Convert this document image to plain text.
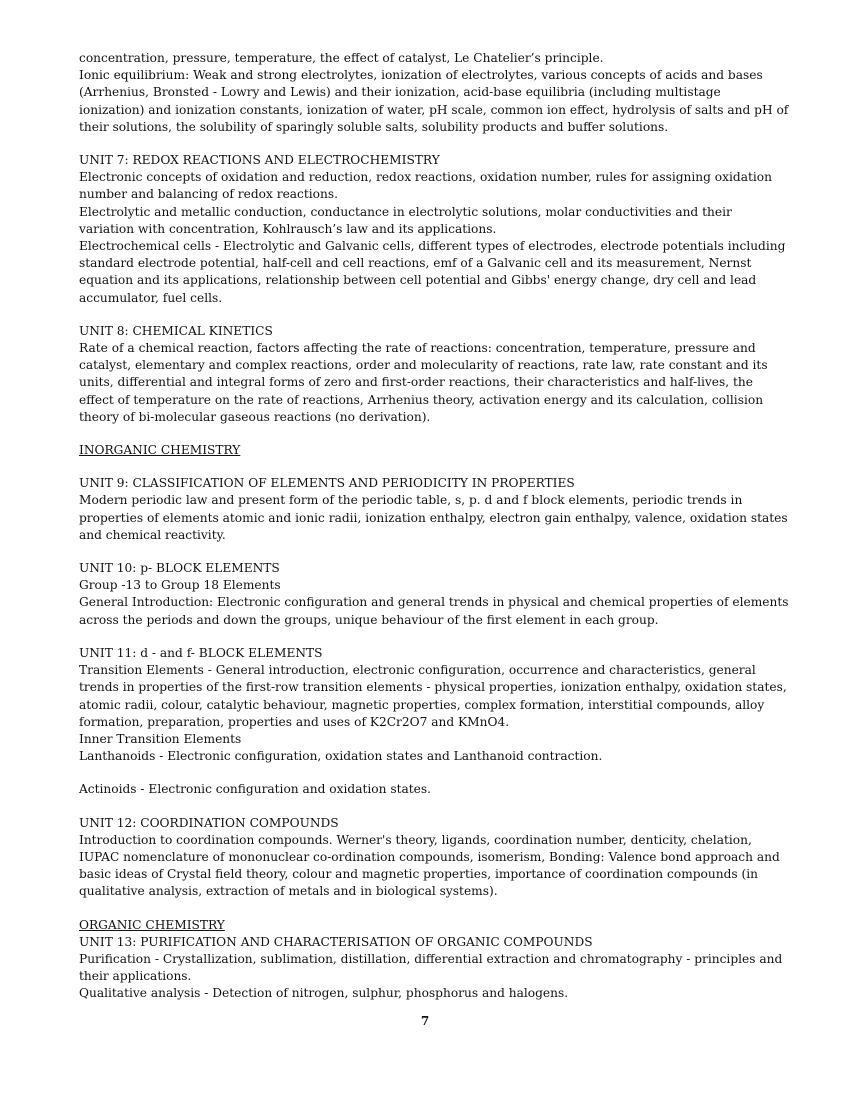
concentration, pressure, temperature, the effect of catalyst, Le Chatelier’s principle.

Ionic equilibrium: Weak and strong electrolytes, ionization of electrolytes, various concepts of acids and bases (Arrhenius, Bronsted - Lowry and Lewis) and their ionization, acid-base equilibria (including multistage ionization) and ionization constants, ionization of water, pH scale, common ion effect, hydrolysis of salts and pH of their solutions, the solubility of sparingly soluble salts, solubility products and buffer solutions.

UNIT 7: REDOX REACTIONS AND ELECTROCHEMISTRY

Electronic concepts of oxidation and reduction, redox reactions, oxidation number, rules for assigning oxidation number and balancing of redox reactions.

Electrolytic and metallic conduction, conductance in electrolytic solutions, molar conductivities and their variation with concentration, Kohlrausch’s law and its applications.

Electrochemical cells - Electrolytic and Galvanic cells, different types of electrodes, electrode potentials including standard electrode potential, half-cell and cell reactions, emf of a Galvanic cell and its measurement, Nernst equation and its applications, relationship between cell potential and Gibbs' energy change, dry cell and lead accumulator, fuel cells.

UNIT 8: CHEMICAL KINETICS

Rate of a chemical reaction, factors affecting the rate of reactions: concentration, temperature, pressure and catalyst, elementary and complex reactions, order and molecularity of reactions, rate law, rate constant and its units, differential and integral forms of zero and first-order reactions, their characteristics and half-lives, the effect of temperature on the rate of reactions, Arrhenius theory, activation energy and its calculation, collision theory of bi-molecular gaseous reactions (no derivation).

INORGANIC CHEMISTRY

UNIT 9: CLASSIFICATION OF ELEMENTS AND PERIODICITY IN PROPERTIES

Modern periodic law and present form of the periodic table, s, p. d and f block elements, periodic trends in properties of elements atomic and ionic radii, ionization enthalpy, electron gain enthalpy, valence, oxidation states and chemical reactivity.

UNIT 10: p- BLOCK ELEMENTS

Group -13 to Group 18 Elements

General Introduction: Electronic configuration and general trends in physical and chemical properties of elements across the periods and down the groups, unique behaviour of the first element in each group.

UNIT 11: d - and f- BLOCK ELEMENTS

Transition Elements - General introduction, electronic configuration, occurrence and characteristics, general trends in properties of the first-row transition elements - physical properties, ionization enthalpy, oxidation states, atomic radii, colour, catalytic behaviour, magnetic properties, complex formation, interstitial compounds, alloy formation, preparation, properties and uses of K2Cr2O7 and KMnO4.

Inner Transition Elements

Lanthanoids - Electronic configuration, oxidation states and Lanthanoid contraction.

Actinoids - Electronic configuration and oxidation states.

UNIT 12: COORDINATION COMPOUNDS

Introduction to coordination compounds. Werner's theory, ligands, coordination number, denticity, chelation, IUPAC nomenclature of mononuclear co-ordination compounds, isomerism, Bonding: Valence bond approach and basic ideas of Crystal field theory, colour and magnetic properties, importance of coordination compounds (in qualitative analysis, extraction of metals and in biological systems).

ORGANIC CHEMISTRY

UNIT 13: PURIFICATION AND CHARACTERISATION OF ORGANIC COMPOUNDS

Purification - Crystallization, sublimation, distillation, differential extraction and chromatography - principles and their applications.

Qualitative analysis - Detection of nitrogen, sulphur, phosphorus and halogens.

7
